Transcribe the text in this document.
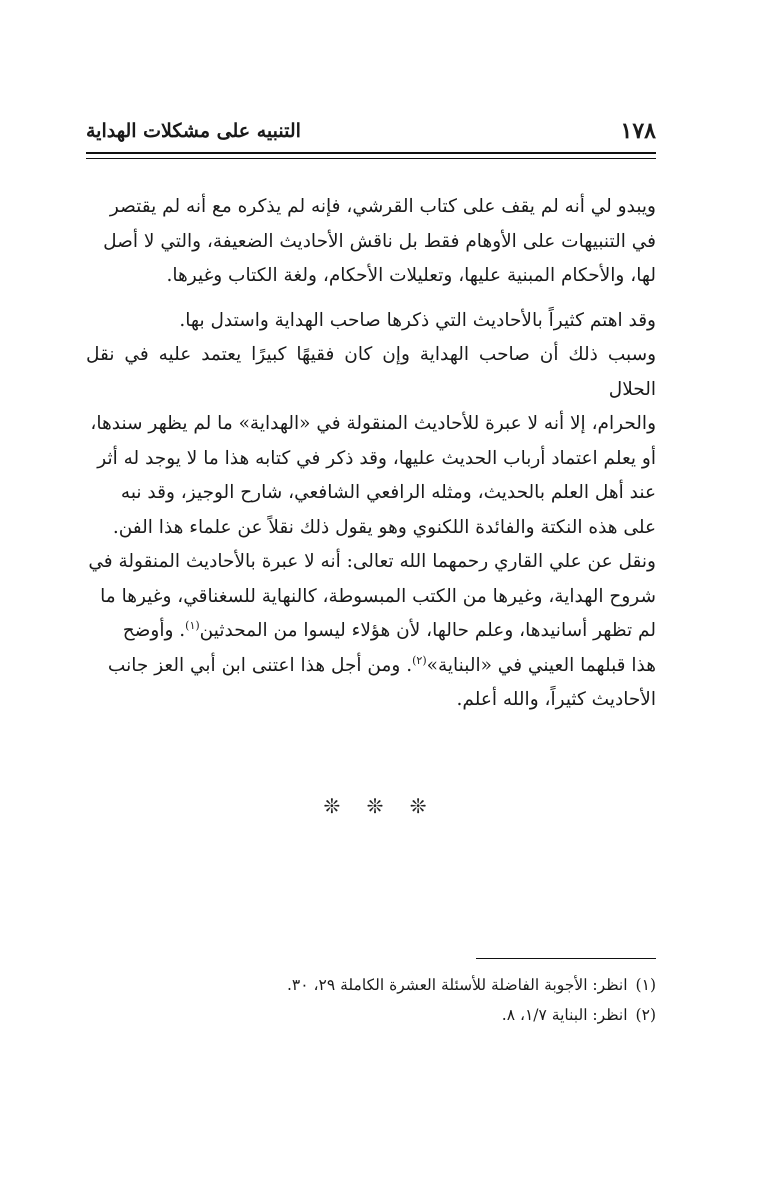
١٧٨
التنبيه على مشكلات الهداية

ويبدو لي أنه لم يقف على كتاب القرشي، فإنه لم يذكره مع أنه لم يقتصر
في التنبيهات على الأوهام فقط بل ناقش الأحاديث الضعيفة، والتي لا أصل
لها، والأحكام المبنية عليها، وتعليلات الأحكام، ولغة الكتاب وغيرها.

وقد اهتم كثيراً بالأحاديث التي ذكرها صاحب الهداية واستدل بها.
وسبب ذلك أن صاحب الهداية وإن كان فقيهًا كبيرًا يعتمد عليه في نقل الحلال
والحرام، إلا أنه لا عبرة للأحاديث المنقولة في «الهداية» ما لم يظهر سندها،
أو يعلم اعتماد أرباب الحديث عليها، وقد ذكر في كتابه هذا ما لا يوجد له أثر
عند أهل العلم بالحديث، ومثله الرافعي الشافعي، شارح الوجيز، وقد نبه
على هذه النكتة والفائدة اللكنوي وهو يقول ذلك نقلاً عن علماء هذا الفن.
ونقل عن علي القاري رحمهما الله تعالى: أنه لا عبرة بالأحاديث المنقولة في
شروح الهداية، وغيرها من الكتب المبسوطة، كالنهاية للسغناقي، وغيرها ما
لم تظهر أسانيدها، وعلم حالها، لأن هؤلاء ليسوا من المحدثين$^{(١)}$. وأوضح
هذا قبلهما العيني في «البناية»$^{(٢)}$. ومن أجل هذا اعتنى ابن أبي العز جانب
الأحاديث كثيراً، والله أعلم.

❊ ❊ ❊
(١)انظر: الأجوبة الفاضلة للأسئلة العشرة الكاملة ٢٩، ٣٠.
(٢)انظر: البناية ١/٧، ٨.
